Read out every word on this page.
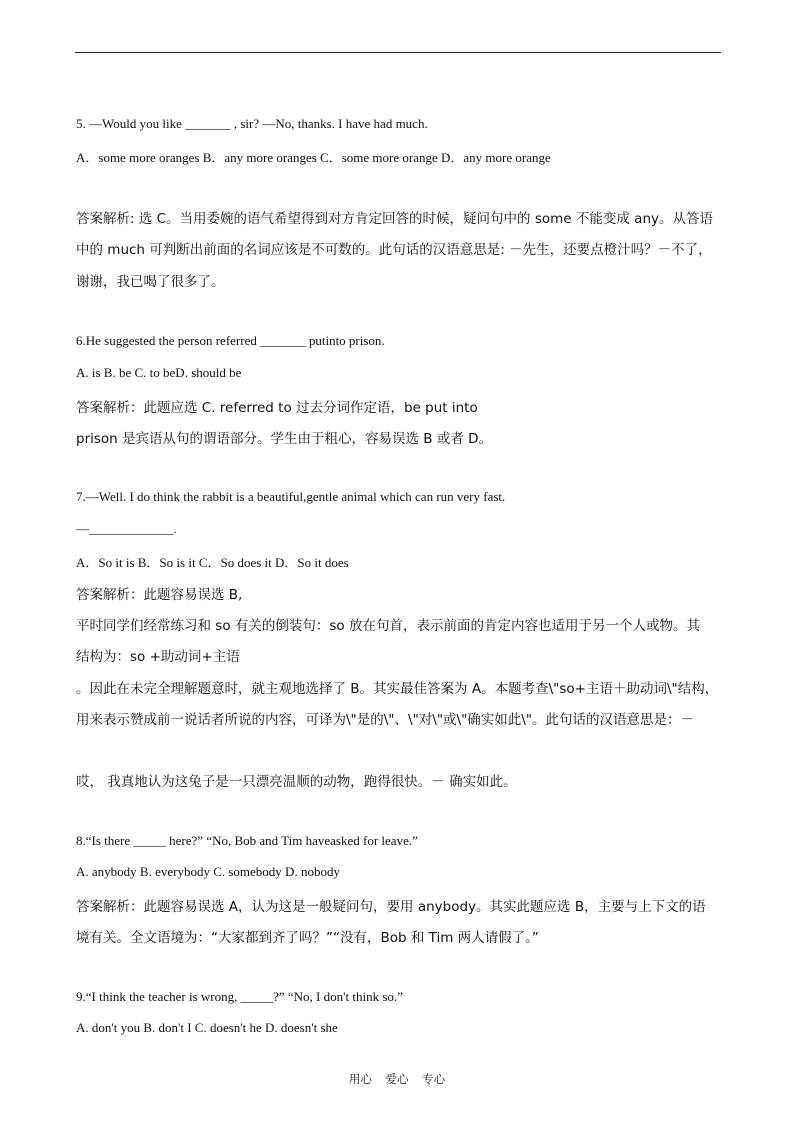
5. —Would you like _______ , sir? —No, thanks. I have had much.
A．some more oranges B．any more oranges C．some more orange D．any more orange
答案解析: 选 C。当用委婉的语气希望得到对方肯定回答的时候，疑问句中的 some 不能变成 any。从答语
中的 much 可判断出前面的名词应该是不可数的。此句话的汉语意思是: －先生，还要点橙汁吗？－不了，
谢谢，我已喝了很多了。
6.He suggested the person referred _______ putinto prison.
A. is B. be C. to beD. should be
答案解析：此题应选 C. referred to 过去分词作定语，be put into
prison 是宾语从句的谓语部分。学生由于粗心，容易误选 B 或者 D。
7.—Well. I do think the rabbit is a beautiful,gentle animal which can run very fast.
—_____________.
A．So it is B．So is it C．So does it D．So it does
答案解析：此题容易误选 B,
平时同学们经常练习和 so 有关的倒装句：so 放在句首，表示前面的肯定内容也适用于另一个人或物。其
结构为：so +助动词+主语
。因此在未完全理解题意时，就主观地选择了 B。其实最佳答案为 A。本题考查\"so+主语＋助动词\"结构，
用来表示赞成前一说话者所说的内容，可译为\"是的\"、\"对\"或\"确实如此\"。此句话的汉语意思是：－
哎， 我真地认为这兔子是一只漂亮温顺的动物，跑得很快。－ 确实如此。
8.“Is there _____ here?” “No, Bob and Tim haveasked for leave.”
A. anybody B. everybody C. somebody D. nobody
答案解析：此题容易误选 A，认为这是一般疑问句，要用 anybody。其实此题应选 B，主要与上下文的语
境有关。全文语境为：“大家都到齐了吗？”“没有，Bob 和 Tim 两人请假了。”
9.“I think the teacher is wrong, _____?” “No, I don't think so.”
A. don't you B. don't I C. doesn't he D. doesn't she
用心 爱心 专心
